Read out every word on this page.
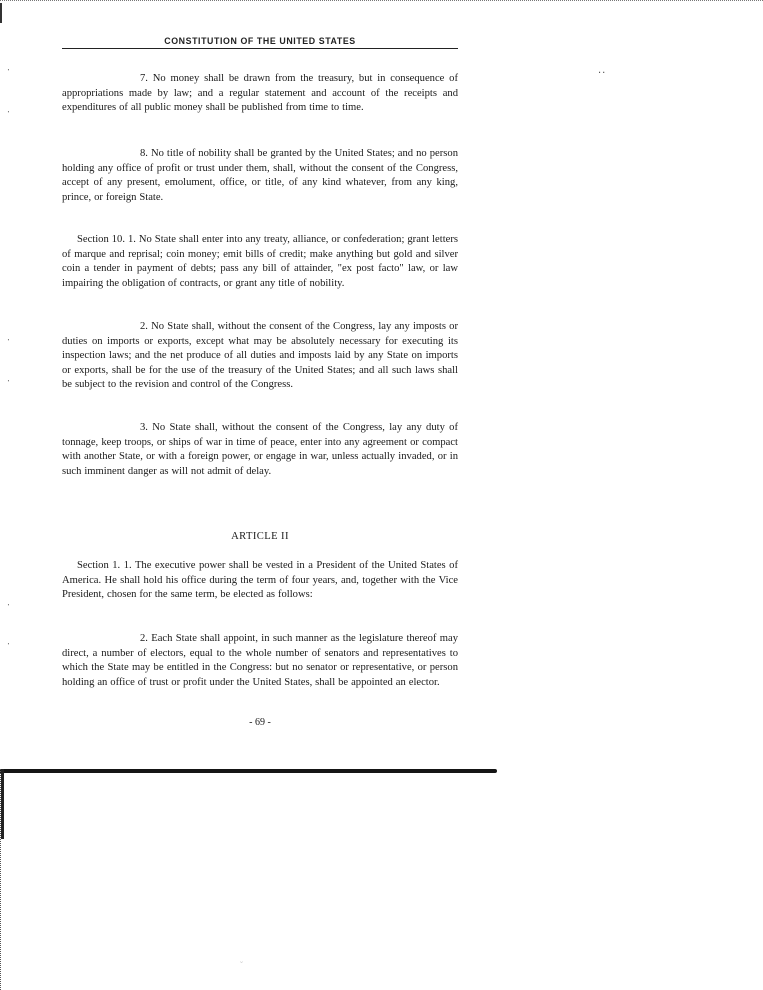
‧
‧
‧
‧
‧
‧
‧‧
CONSTITUTION OF THE UNITED STATES

7. No money shall be drawn from the treasury, but in consequence of appropriations made by law; and a regular statement and account of the receipts and expenditures of all public money shall be published from time to time.

8. No title of nobility shall be granted by the United States; and no person holding any office of profit or trust under them, shall, without the consent of the Congress, accept of any present, emolument, office, or title, of any kind whatever, from any king, prince, or foreign State.

Section 10. 1. No State shall enter into any treaty, alliance, or confederation; grant letters of marque and reprisal; coin money; emit bills of credit; make anything but gold and silver coin a tender in payment of debts; pass any bill of attainder, "ex post facto" law, or law impairing the obligation of contracts, or grant any title of nobility.

2. No State shall, without the consent of the Congress, lay any imposts or duties on imports or exports, except what may be absolutely necessary for executing its inspection laws; and the net produce of all duties and imposts laid by any State on imports or exports, shall be for the use of the treasury of the United States; and all such laws shall be subject to the revision and control of the Congress.

3. No State shall, without the consent of the Congress, lay any duty of tonnage, keep troops, or ships of war in time of peace, enter into any agreement or compact with another State, or with a foreign power, or engage in war, unless actually invaded, or in such imminent danger as will not admit of delay.

ARTICLE II

Section 1. 1. The executive power shall be vested in a President of the United States of America. He shall hold his office during the term of four years, and, together with the Vice President, chosen for the same term, be elected as follows:

2. Each State shall appoint, in such manner as the legislature thereof may direct, a number of electors, equal to the whole number of senators and representatives to which the State may be entitled in the Congress: but no senator or representative, or person holding an office of trust or profit under the United States, shall be appointed an elector.

- 69 -
˘
